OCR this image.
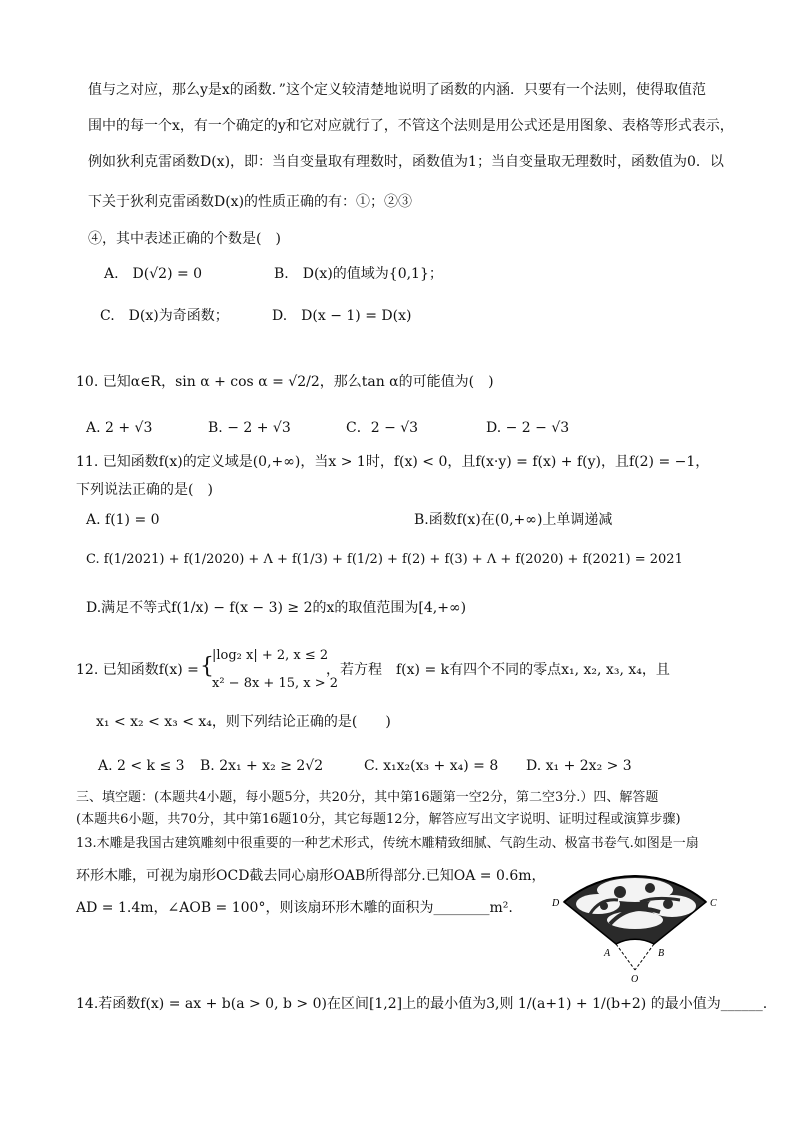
值与之对应，那么y是x的函数．”这个定义较清楚地说明了函数的内涵．只要有一个法则，使得取值范
围中的每一个x，有一个确定的y和它对应就行了，不管这个法则是用公式还是用图象、表格等形式表示，
例如狄利克雷函数D(x)，即：当自变量取有理数时，函数值为1；当自变量取无理数时，函数值为0．以
下关于狄利克雷函数D(x)的性质正确的有：①；②③
④，其中表述正确的个数是(　)
A.　D(√2) = 0	B.　D(x)的值域为{0,1}；
C.　D(x)为奇函数；	D.　D(x − 1) = D(x)
10. 已知α∈R，sin α + cos α = √2/2，那么tan α的可能值为(　)
A. 2 + √3	B. − 2 + √3	C．2 − √3	D. − 2 − √3
11. 已知函数f(x)的定义域是(0,+∞)，当x > 1时，f(x) < 0，且f(x·y) = f(x) + f(y)，且f(2) = −1，
下列说法正确的是(　)
A. f(1) = 0	B.函数f(x)在(0,+∞)上单调递减
C. f(1/2021) + f(1/2020) + Λ + f(1/3) + f(1/2) + f(2) + f(3) + Λ + f(2020) + f(2021) = 2021
D.满足不等式f(1/x) − f(x − 3) ≥ 2的x的取值范围为[4,+∞)
12. 已知函数f(x) = {
|log₂ x| + 2, x ≤ 2
x² − 8x + 15, x > 2
，若方程　f(x) = k有四个不同的零点x₁, x₂, x₃, x₄，且
x₁ < x₂ < x₃ < x₄，则下列结论正确的是(　　)
A. 2 < k ≤ 3 B. 2x₁ + x₂ ≥ 2√2	C. x₁x₂(x₃ + x₄) = 8 D. x₁ + 2x₂ > 3
三、填空题：(本题共4小题，每小题5分，共20分，其中第16题第一空2分，第二空3分.）四、解答题
(本题共6小题，共70分，其中第16题10分，其它每题12分，解答应写出文字说明、证明过程或演算步骤)
13.木雕是我国古建筑雕刻中很重要的一种艺术形式，传统木雕精致细腻、气韵生动、极富书卷气.如图是一扇
环形木雕，可视为扇形OCD截去同心扇形OAB所得部分.已知OA = 0.6m，
AD = 1.4m，∠AOB = 100°，则该扇环形木雕的面积为________m².	D	C
A	B
O
14.若函数f(x) = ax + b(a > 0, b > 0)在区间[1,2]上的最小值为3,则 1/(a+1) + 1/(b+2) 的最小值为______.
